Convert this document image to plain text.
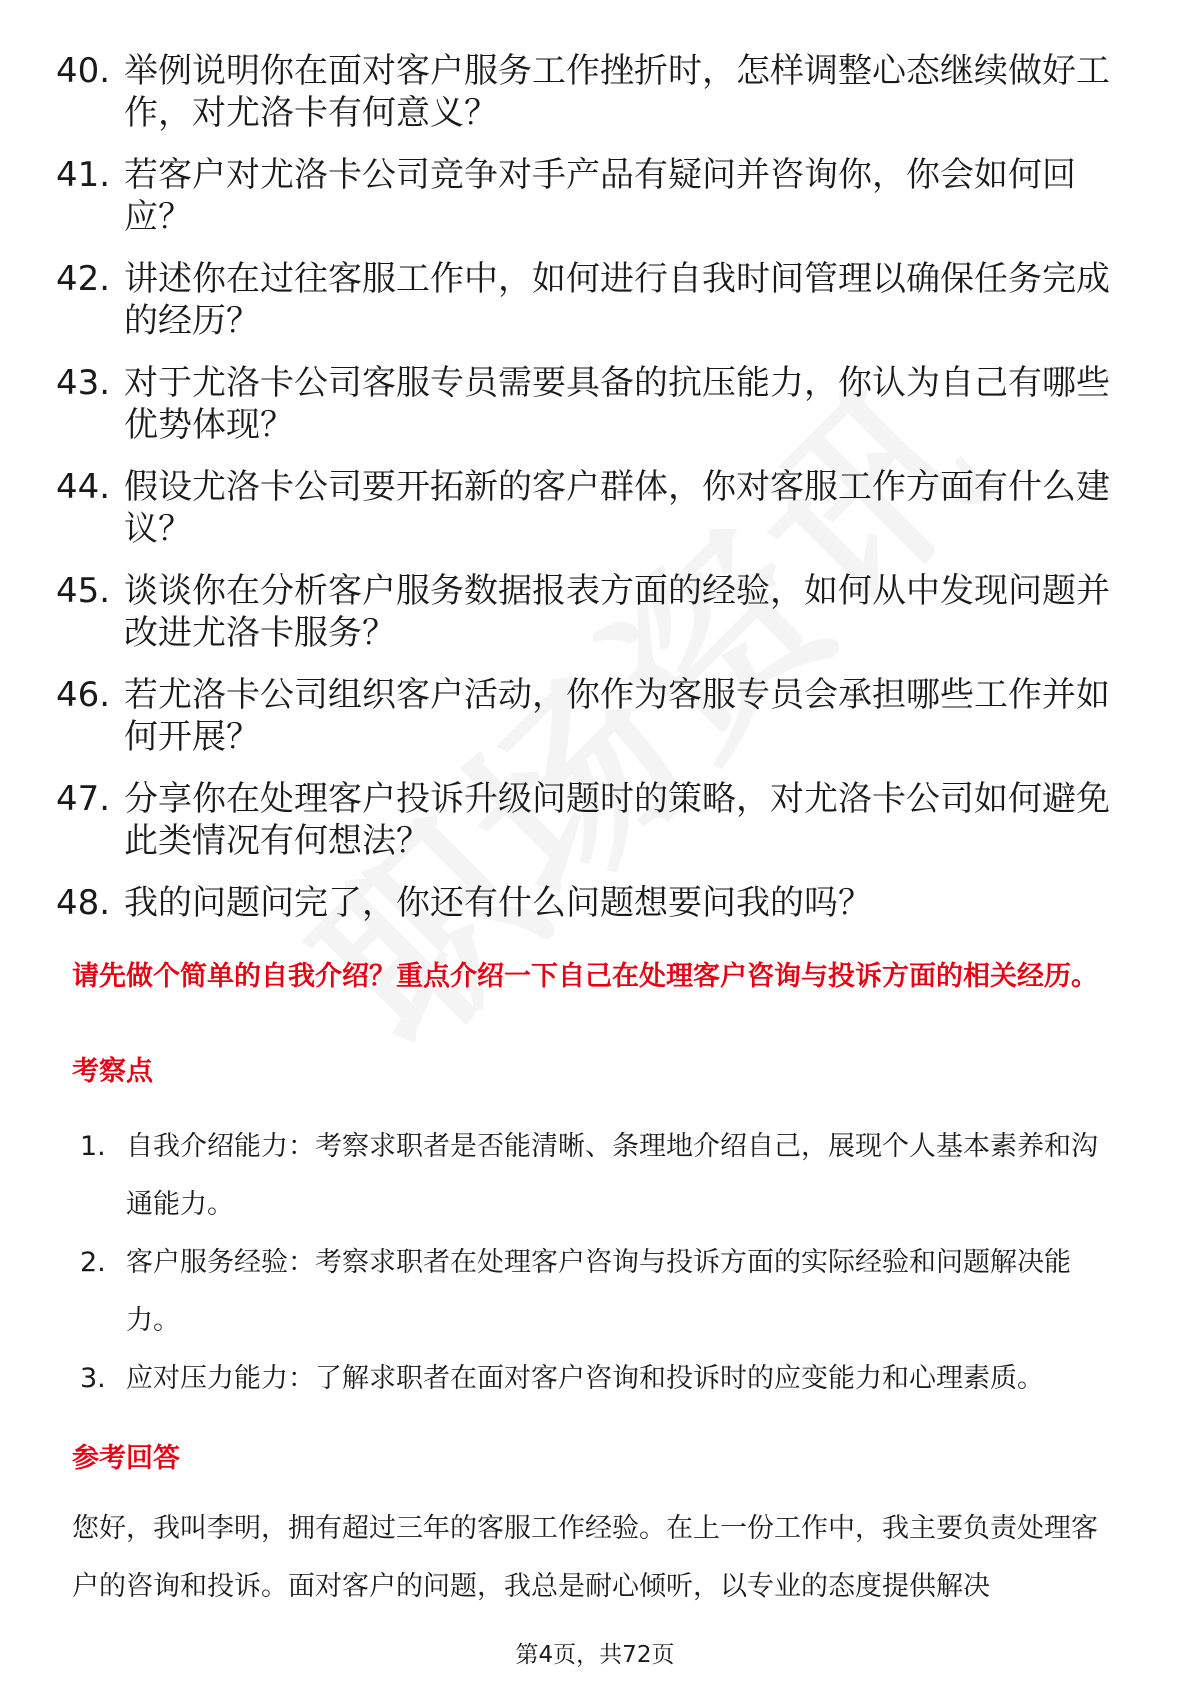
40. 举例说明你在面对客户服务工作挫折时，怎样调整心态继续做好工作，对尤洛卡有何意义？
41. 若客户对尤洛卡公司竞争对手产品有疑问并咨询你，你会如何回应？
42. 讲述你在过往客服工作中，如何进行自我时间管理以确保任务完成的经历？
43. 对于尤洛卡公司客服专员需要具备的抗压能力，你认为自己有哪些优势体现？
44. 假设尤洛卡公司要开拓新的客户群体，你对客服工作方面有什么建议？
45. 谈谈你在分析客户服务数据报表方面的经验，如何从中发现问题并改进尤洛卡服务？
46. 若尤洛卡公司组织客户活动，你作为客服专员会承担哪些工作并如何开展？
47. 分享你在处理客户投诉升级问题时的策略，对尤洛卡公司如何避免此类情况有何想法？
48. 我的问题问完了，你还有什么问题想要问我的吗？
请先做个简单的自我介绍？重点介绍一下自己在处理客户咨询与投诉方面的相关经历。
考察点
1. 自我介绍能力：考察求职者是否能清晰、条理地介绍自己，展现个人基本素养和沟通能力。
2. 客户服务经验：考察求职者在处理客户咨询与投诉方面的实际经验和问题解决能力。
3. 应对压力能力：了解求职者在面对客户咨询和投诉时的应变能力和心理素质。
参考回答

您好，我叫李明，拥有超过三年的客服工作经验。在上一份工作中，我主要负责处理客户的咨询和投诉。面对客户的问题，我总是耐心倾听，以专业的态度提供解决

第4页，共72页
